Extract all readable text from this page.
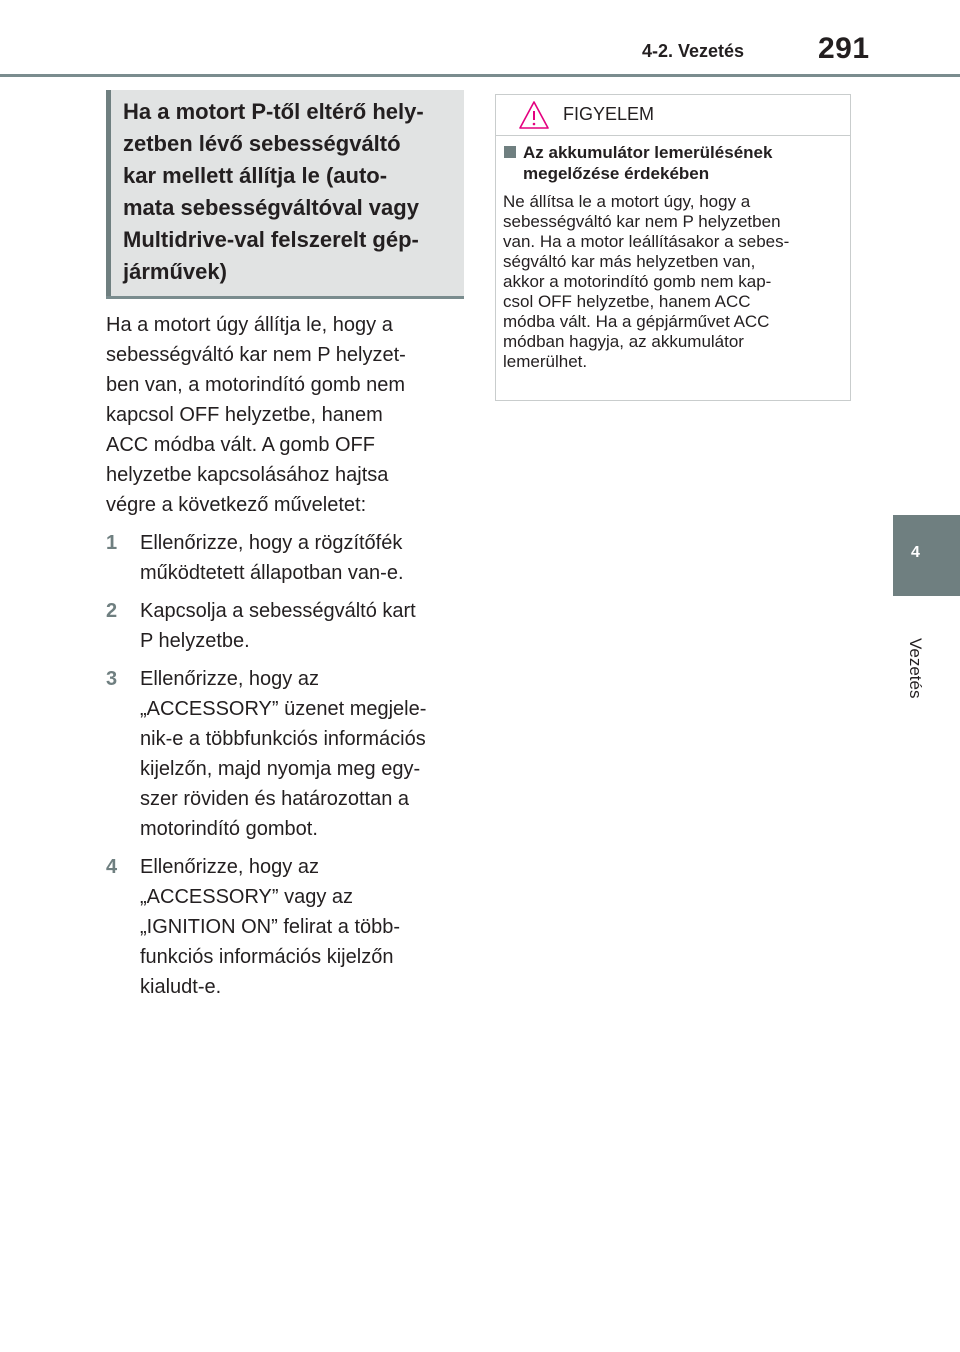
4-2. Vezetés 291
4
Vezetés
Ha a motort P-től eltérő hely-
zetben lévő sebességváltó
kar mellett állítja le (auto-
mata sebességváltóval vagy
Multidrive-val felszerelt gép-
járművek)
Ha a motort úgy állítja le, hogy a
sebességváltó kar nem P helyzet-
ben van, a motorindító gomb nem
kapcsol OFF helyzetbe, hanem
ACC módba vált. A gomb OFF
helyzetbe kapcsolásához hajtsa
végre a következő műveletet:
1	Ellenőrizze, hogy a rögzítőfék
működtetett állapotban van-e.
2	Kapcsolja a sebességváltó kart
P helyzetbe.
3	Ellenőrizze, hogy az
„ACCESSORY” üzenet megjele-
nik-e a többfunkciós információs
kijelzőn, majd nyomja meg egy-
szer röviden és határozottan a
motorindító gombot.
4	Ellenőrizze, hogy az
„ACCESSORY” vagy az
„IGNITION ON” felirat a több-
funkciós információs kijelzőn
kialudt-e.
FIGYELEM
Az akkumulátor lemerülésének
megelőzése érdekében
Ne állítsa le a motort úgy, hogy a
sebességváltó kar nem P helyzetben
van. Ha a motor leállításakor a sebes-
ségváltó kar más helyzetben van,
akkor a motorindító gomb nem kap-
csol OFF helyzetbe, hanem ACC
módba vált. Ha a gépjárművet ACC
módban hagyja, az akkumulátor
lemerülhet.
